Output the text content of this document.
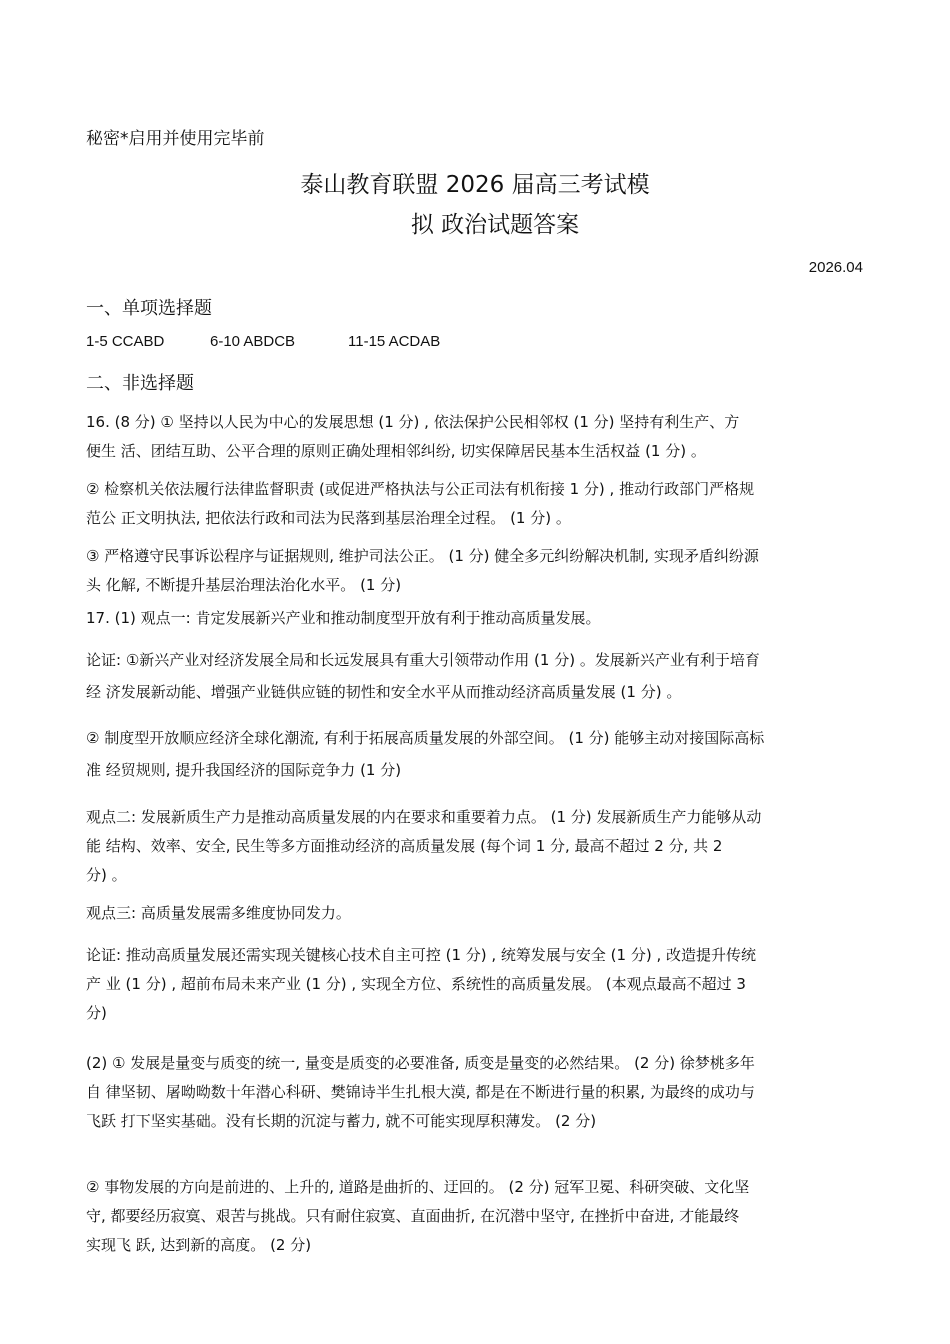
秘密*启用并使用完毕前

泰山教育联盟 2026 届高三考试模

拟 政治试题答案

2026.04

一、单项选择题

1-5 CCABD	6-10 ABDCB	11-15 ACDAB

二、非选择题

16. (8 分) ① 坚持以人民为中心的发展思想 (1 分) , 依法保护公民相邻权 (1 分) 坚持有利生产、方
便生 活、团结互助、公平合理的原则正确处理相邻纠纷, 切实保障居民基本生活权益 (1 分) 。
② 检察机关依法履行法律监督职责 (或促进严格执法与公正司法有机衔接 1 分) , 推动行政部门严格规
范公 正文明执法, 把依法行政和司法为民落到基层治理全过程。 (1 分) 。
③ 严格遵守民事诉讼程序与证据规则, 维护司法公正。 (1 分) 健全多元纠纷解决机制, 实现矛盾纠纷源
头 化解, 不断提升基层治理法治化水平。 (1 分)
17. (1) 观点一: 肯定发展新兴产业和推动制度型开放有利于推动高质量发展。
论证: ①新兴产业对经济发展全局和长远发展具有重大引领带动作用 (1 分) 。发展新兴产业有利于培育
经 济发展新动能、增强产业链供应链的韧性和安全水平从而推动经济高质量发展 (1 分) 。
② 制度型开放顺应经济全球化潮流, 有利于拓展高质量发展的外部空间。 (1 分) 能够主动对接国际高标
准 经贸规则, 提升我国经济的国际竞争力 (1 分)
观点二: 发展新质生产力是推动高质量发展的内在要求和重要着力点。 (1 分) 发展新质生产力能够从动
能 结构、效率、安全, 民生等多方面推动经济的高质量发展 (每个词 1 分, 最高不超过 2 分, 共 2
分) 。
观点三: 高质量发展需多维度协同发力。
论证: 推动高质量发展还需实现关键核心技术自主可控 (1 分) , 统筹发展与安全 (1 分) , 改造提升传统
产 业 (1 分) , 超前布局未来产业 (1 分) , 实现全方位、系统性的高质量发展。 (本观点最高不超过 3
分)
(2) ① 发展是量变与质变的统一, 量变是质变的必要准备, 质变是量变的必然结果。 (2 分) 徐梦桃多年
自 律坚韧、屠呦呦数十年潜心科研、樊锦诗半生扎根大漠, 都是在不断进行量的积累, 为最终的成功与
飞跃 打下坚实基础。没有长期的沉淀与蓄力, 就不可能实现厚积薄发。 (2 分)
② 事物发展的方向是前进的、上升的, 道路是曲折的、迂回的。 (2 分) 冠军卫冕、科研突破、文化坚
守, 都要经历寂寞、艰苦与挑战。只有耐住寂寞、直面曲折, 在沉潜中坚守, 在挫折中奋进, 才能最终
实现飞 跃, 达到新的高度。 (2 分)
